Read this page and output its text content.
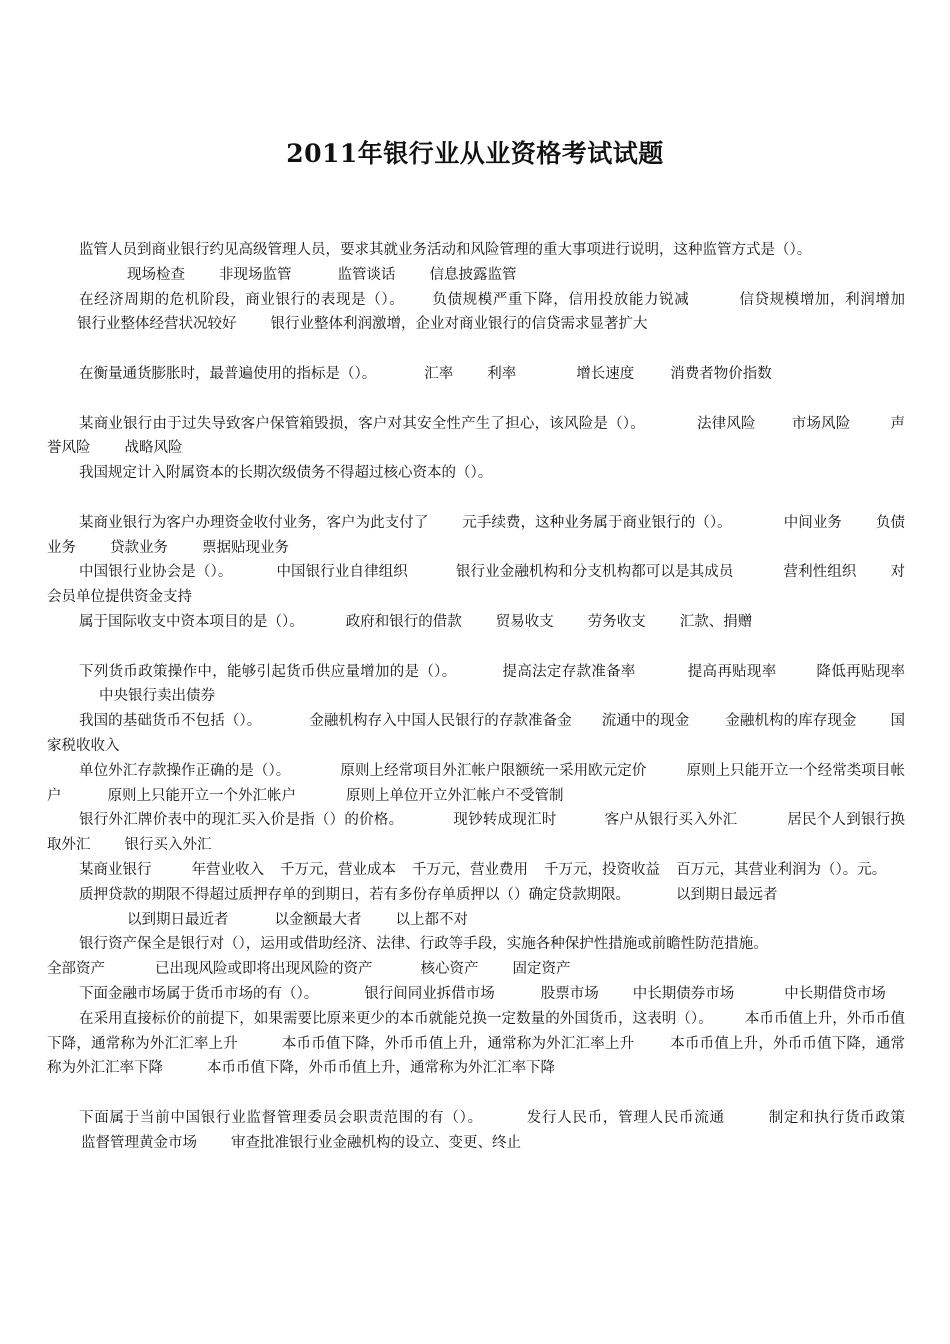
2011年银行业从业资格考试试题

监管人员到商业银行约见高级管理人员，要求其就业务活动和风险管理的重大事项进行说明，这种监管方式是（）。
现场检查 非现场监管	监管谈话 信息披露监管

在经济周期的危机阶段，商业银行的表现是（）。 负债规模严重下降，信用投放能力锐减	信贷规模增加，利润增加银行业整体经营状况较好 银行业整体利润激增，企业对商业银行的信贷需求显著扩大

在衡量通货膨胀时，最普遍使用的指标是（）。	汇率 利率	增长速度 消费者物价指数

某商业银行由于过失导致客户保管箱毁损，客户对其安全性产生了担心，该风险是（）。	法律风险 市场风险	声誉风险 战略风险

我国规定计入附属资本的长期次级债务不得超过核心资本的（）。

某商业银行为客户办理资金收付业务，客户为此支付了 元手续费，这种业务属于商业银行的（）。	中间业务 负债业务 贷款业务 票据贴现业务

中国银行业协会是（）。	中国银行业自律组织	银行业金融机构和分支机构都可以是其成员	营利性组织 对会员单位提供资金支持

属于国际收支中资本项目的是（）。	政府和银行的借款 贸易收支 劳务收支 汇款、捐赠

下列货币政策操作中，能够引起货币供应量增加的是（）。	提高法定存款准备率	提高再贴现率	降低再贴现率中央银行卖出债券

我国的基础货币不包括（）。	金融机构存入中国人民银行的存款准备金 流通中的现金 金融机构的库存现金 国家税收收入

单位外汇存款操作正确的是（）。	原则上经常项目外汇帐户限额统一采用欧元定价	原则上只能开立一个经常类项目帐户	原则上只能开立一个外汇帐户	原则上单位开立外汇帐户不受管制

银行外汇牌价表中的现汇买入价是指（）的价格。	现钞转成现汇时	客户从银行买入外汇	居民个人到银行换取外汇 银行买入外汇

某商业银行	年营业收入 千万元，营业成本 千万元，营业费用 千万元，投资收益 百万元，其营业利润为（）。元。

质押贷款的期限不得超过质押存单的到期日，若有多份存单质押以（）确定贷款期限。	以到期日最远者
以到期日最近者	以金额最大者 以上都不对

银行资产保全是银行对（），运用或借助经济、法律、行政等手段，实施各种保护性措施或前瞻性防范措施。
全部资产	已出现风险或即将出现风险的资产	核心资产 固定资产

下面金融市场属于货币市场的有（）。	银行间同业拆借市场	股票市场 中长期债券市场	中长期借贷市场

在采用直接标价的前提下，如果需要比原来更少的本币就能兑换一定数量的外国货币，这表明（）。 本币币值上升，外币币值下降，通常称为外汇汇率上升	本币币值下降，外币币值上升，通常称为外汇汇率上升 本币币值上升，外币币值下降，通常称为外汇汇率下降	本币币值下降，外币币值上升，通常称为外汇汇率下降

下面属于当前中国银行业监督管理委员会职责范围的有（）。	发行人民币，管理人民币流通	制定和执行货币政策监督管理黄金市场 审查批准银行业金融机构的设立、变更、终止
